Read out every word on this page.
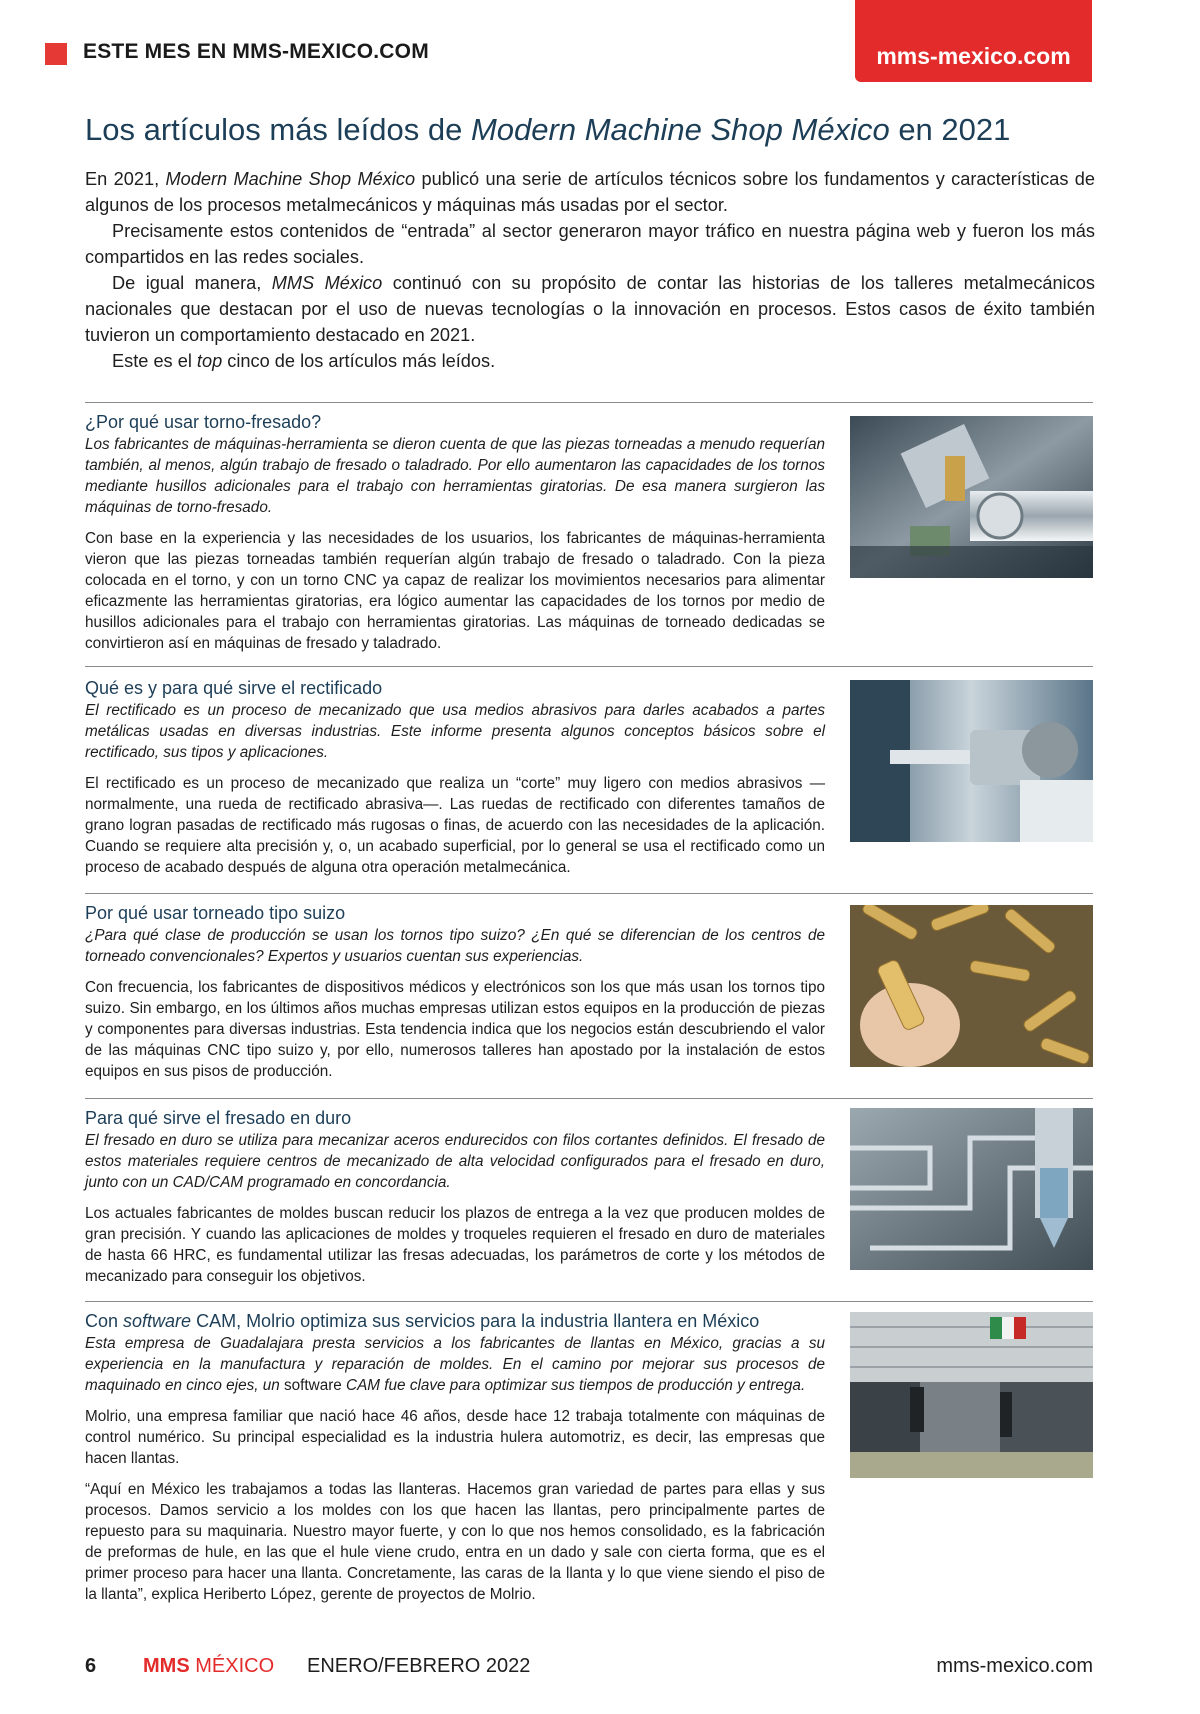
ESTE MES EN MMS-MEXICO.COM	mms-mexico.com
Los artículos más leídos de Modern Machine Shop México en 2021

En 2021, Modern Machine Shop México publicó una serie de artículos técnicos sobre los fundamentos y características de algunos de los procesos metalmecánicos y máquinas más usadas por el sector.

Precisamente estos contenidos de “entrada” al sector generaron mayor tráfico en nuestra página web y fueron los más compartidos en las redes sociales.

De igual manera, MMS México continuó con su propósito de contar las historias de los talleres metalmecánicos nacionales que destacan por el uso de nuevas tecnologías o la innovación en procesos. Estos casos de éxito también tuvieron un comportamiento destacado en 2021.

Este es el top cinco de los artículos más leídos.

¿Por qué usar torno-fresado?

Los fabricantes de máquinas-herramienta se dieron cuenta de que las piezas torneadas a menudo requerían también, al menos, algún trabajo de fresado o taladrado. Por ello aumentaron las capacidades de los tornos mediante husillos adicionales para el trabajo con herramientas giratorias. De esa manera surgieron las máquinas de torno-fresado.

Con base en la experiencia y las necesidades de los usuarios, los fabricantes de máquinas-herramienta vieron que las piezas torneadas también requerían algún trabajo de fresado o taladrado. Con la pieza colocada en el torno, y con un torno CNC ya capaz de realizar los movimientos necesarios para alimentar eficazmente las herramientas giratorias, era lógico aumentar las capacidades de los tornos por medio de husillos adicionales para el trabajo con herramientas giratorias. Las máquinas de torneado dedicadas se convirtieron así en máquinas de fresado y taladrado.

Qué es y para qué sirve el rectificado

El rectificado es un proceso de mecanizado que usa medios abrasivos para darles acabados a partes metálicas usadas en diversas industrias. Este informe presenta algunos conceptos básicos sobre el rectificado, sus tipos y aplicaciones.

El rectificado es un proceso de mecanizado que realiza un “corte” muy ligero con medios abrasivos —normalmente, una rueda de rectificado abrasiva—. Las ruedas de rectificado con diferentes tamaños de grano logran pasadas de rectificado más rugosas o finas, de acuerdo con las necesidades de la aplicación. Cuando se requiere alta precisión y, o, un acabado superficial, por lo general se usa el rectificado como un proceso de acabado después de alguna otra operación metalmecánica.

Por qué usar torneado tipo suizo

¿Para qué clase de producción se usan los tornos tipo suizo? ¿En qué se diferencian de los centros de torneado convencionales? Expertos y usuarios cuentan sus experiencias.

Con frecuencia, los fabricantes de dispositivos médicos y electrónicos son los que más usan los tornos tipo suizo. Sin embargo, en los últimos años muchas empresas utilizan estos equipos en la producción de piezas y componentes para diversas industrias. Esta tendencia indica que los negocios están descubriendo el valor de las máquinas CNC tipo suizo y, por ello, numerosos talleres han apostado por la instalación de estos equipos en sus pisos de producción.

Para qué sirve el fresado en duro

El fresado en duro se utiliza para mecanizar aceros endurecidos con filos cortantes definidos. El fresado de estos materiales requiere centros de mecanizado de alta velocidad configurados para el fresado en duro, junto con un CAD/CAM programado en concordancia.

Los actuales fabricantes de moldes buscan reducir los plazos de entrega a la vez que producen moldes de gran precisión. Y cuando las aplicaciones de moldes y troqueles requieren el fresado en duro de materiales de hasta 66 HRC, es fundamental utilizar las fresas adecuadas, los parámetros de corte y los métodos de mecanizado para conseguir los objetivos.

Con software CAM, Molrio optimiza sus servicios para la industria llantera en México

Esta empresa de Guadalajara presta servicios a los fabricantes de llantas en México, gracias a su experiencia en la manufactura y reparación de moldes. En el camino por mejorar sus procesos de maquinado en cinco ejes, un software CAM fue clave para optimizar sus tiempos de producción y entrega.

Molrio, una empresa familiar que nació hace 46 años, desde hace 12 trabaja totalmente con máquinas de control numérico. Su principal especialidad es la industria hulera automotriz, es decir, las empresas que hacen llantas.

“Aquí en México les trabajamos a todas las llanteras. Hacemos gran variedad de partes para ellas y sus procesos. Damos servicio a los moldes con los que hacen las llantas, pero principalmente partes de repuesto para su maquinaria. Nuestro mayor fuerte, y con lo que nos hemos consolidado, es la fabricación de preformas de hule, en las que el hule viene crudo, entra en un dado y sale con cierta forma, que es el primer proceso para hacer una llanta. Concretamente, las caras de la llanta y lo que viene siendo el piso de la llanta”, explica Heriberto López, gerente de proyectos de Molrio.

6 MMS MÉXICO ENERO/FEBRERO 2022	mms-mexico.com
